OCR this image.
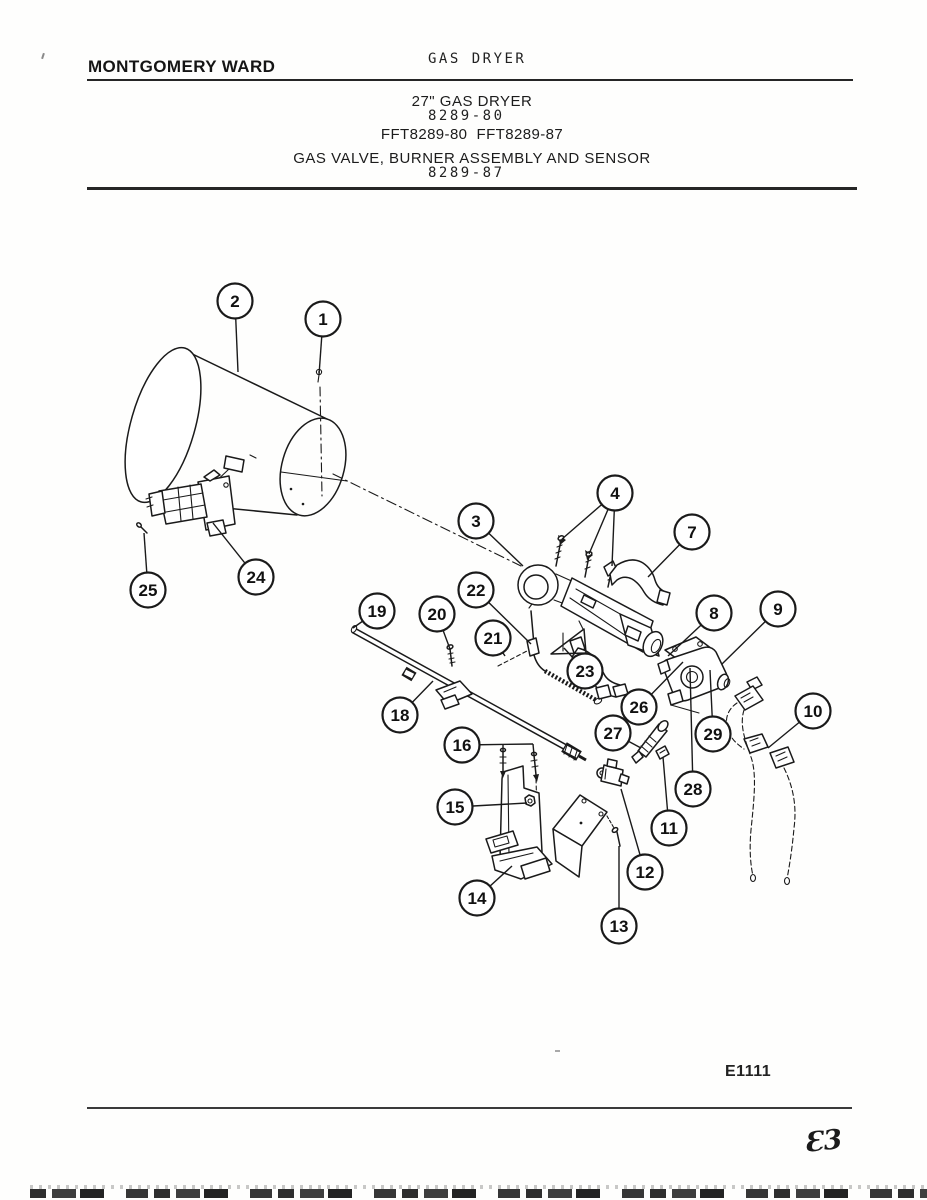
GAS DRYER

8289-80

8289-87

MONTGOMERY WARD
27" GAS DRYER
FFT8289-80  FFT8289-87
GAS VALVE, BURNER ASSEMBLY AND SENSOR
1
2
3
4
7
8	9
10
11
12
13
14
15
16
18
19 20
21
22
23
24
25
26
27
28
29
E1111
Ɛ3
